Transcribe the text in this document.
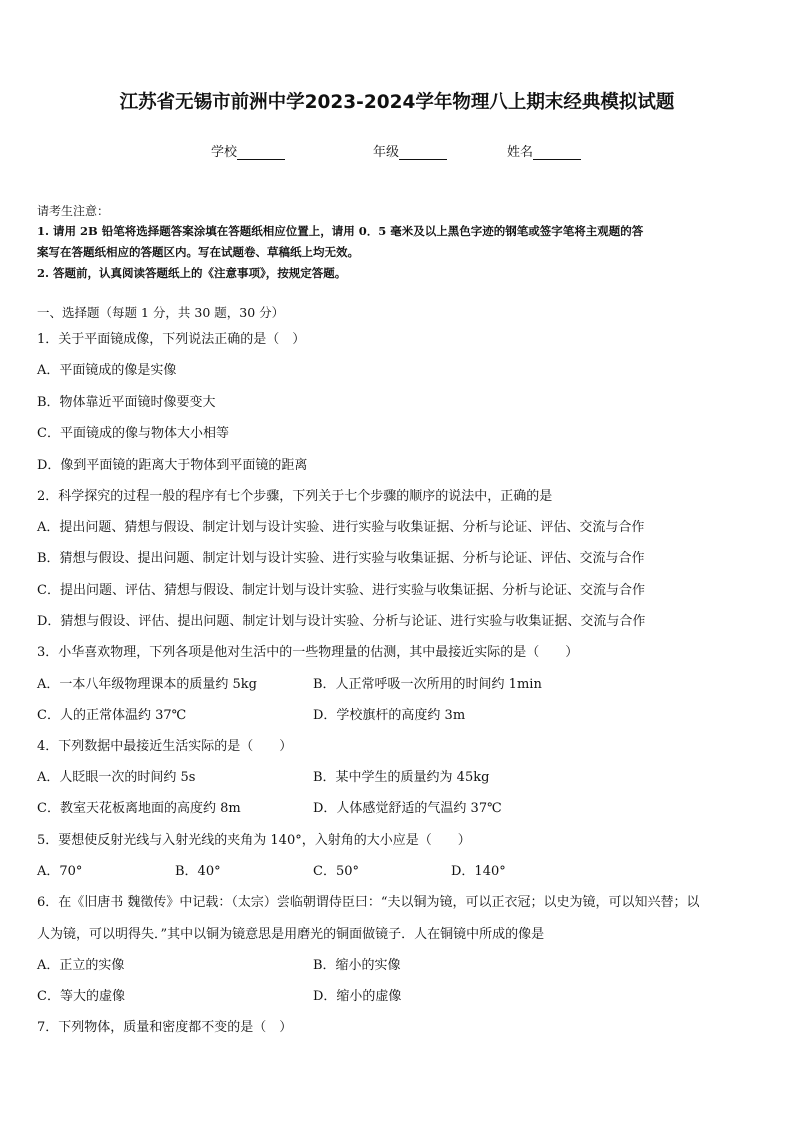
江苏省无锡市前洲中学2023-2024学年物理八上期末经典模拟试题
学校	年级	姓名
请考生注意：
1. 请用 2B 铅笔将选择题答案涂填在答题纸相应位置上，请用 0．5 毫米及以上黑色字迹的钢笔或签字笔将主观题的答
案写在答题纸相应的答题区内。写在试题卷、草稿纸上均无效。
2. 答题前，认真阅读答题纸上的《注意事项》，按规定答题。
一、选择题（每题 1 分，共 30 题，30 分）
1．关于平面镜成像，下列说法正确的是（　）
A．平面镜成的像是实像
B．物体靠近平面镜时像要变大
C．平面镜成的像与物体大小相等
D．像到平面镜的距离大于物体到平面镜的距离
2．科学探究的过程一般的程序有七个步骤，下列关于七个步骤的顺序的说法中，正确的是
A．提出问题、猜想与假设、制定计划与设计实验、进行实验与收集证据、分析与论证、评估、交流与合作
B．猜想与假设、提出问题、制定计划与设计实验、进行实验与收集证据、分析与论证、评估、交流与合作
C．提出问题、评估、猜想与假设、制定计划与设计实验、进行实验与收集证据、分析与论证、交流与合作
D．猜想与假设、评估、提出问题、制定计划与设计实验、分析与论证、进行实验与收集证据、交流与合作
3．小华喜欢物理，下列各项是他对生活中的一些物理量的估测，其中最接近实际的是（　　）
A．一本八年级物理课本的质量约 5kg	B．人正常呼吸一次所用的时间约 1min
C．人的正常体温约 37℃	D．学校旗杆的高度约 3m
4．下列数据中最接近生活实际的是（　　）
A．人眨眼一次的时间约 5s	B．某中学生的质量约为 45kg
C．教室天花板离地面的高度约 8m	D．人体感觉舒适的气温约 37℃
5．要想使反射光线与入射光线的夹角为 140°，入射角的大小应是（　　）
A．70°	B．40°	C．50°	D．140°
6．在《旧唐书 魏徵传》中记载：（太宗）尝临朝谓侍臣曰：“夫以铜为镜，可以正衣冠；以史为镜，可以知兴替；以
人为镜，可以明得失．”其中以铜为镜意思是用磨光的铜面做镜子．人在铜镜中所成的像是
A．正立的实像	B．缩小的实像
C．等大的虚像	D．缩小的虚像
7．下列物体，质量和密度都不变的是（　）
